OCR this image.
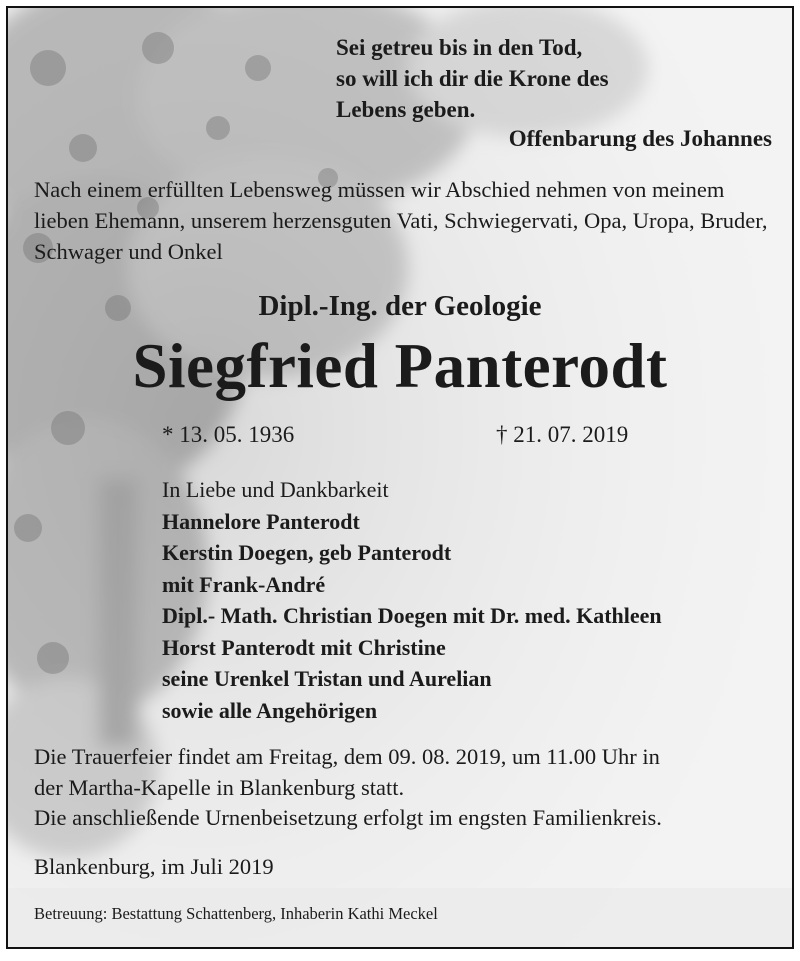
Sei getreu bis in den Tod,
so will ich dir die Krone des
Lebens geben.
Offenbarung des Johannes
Nach einem erfüllten Lebensweg müssen wir Abschied nehmen von meinem lieben Ehemann, unserem herzensguten Vati, Schwiegervati, Opa, Uropa, Bruder, Schwager und Onkel
Dipl.-Ing. der Geologie
Siegfried Panterodt
* 13. 05. 1936	† 21. 07. 2019
In Liebe und Dankbarkeit
Hannelore Panterodt
Kerstin Doegen, geb Panterodt
mit Frank-André
Dipl.- Math. Christian Doegen mit Dr. med. Kathleen
Horst Panterodt mit Christine
seine Urenkel Tristan und Aurelian
sowie alle Angehörigen
Die Trauerfeier findet am Freitag, dem 09. 08. 2019, um 11.00 Uhr in
der Martha-Kapelle in Blankenburg statt.
Die anschließende Urnenbeisetzung erfolgt im engsten Familienkreis.
Blankenburg, im Juli 2019
Betreuung: Bestattung Schattenberg, Inhaberin Kathi Meckel
